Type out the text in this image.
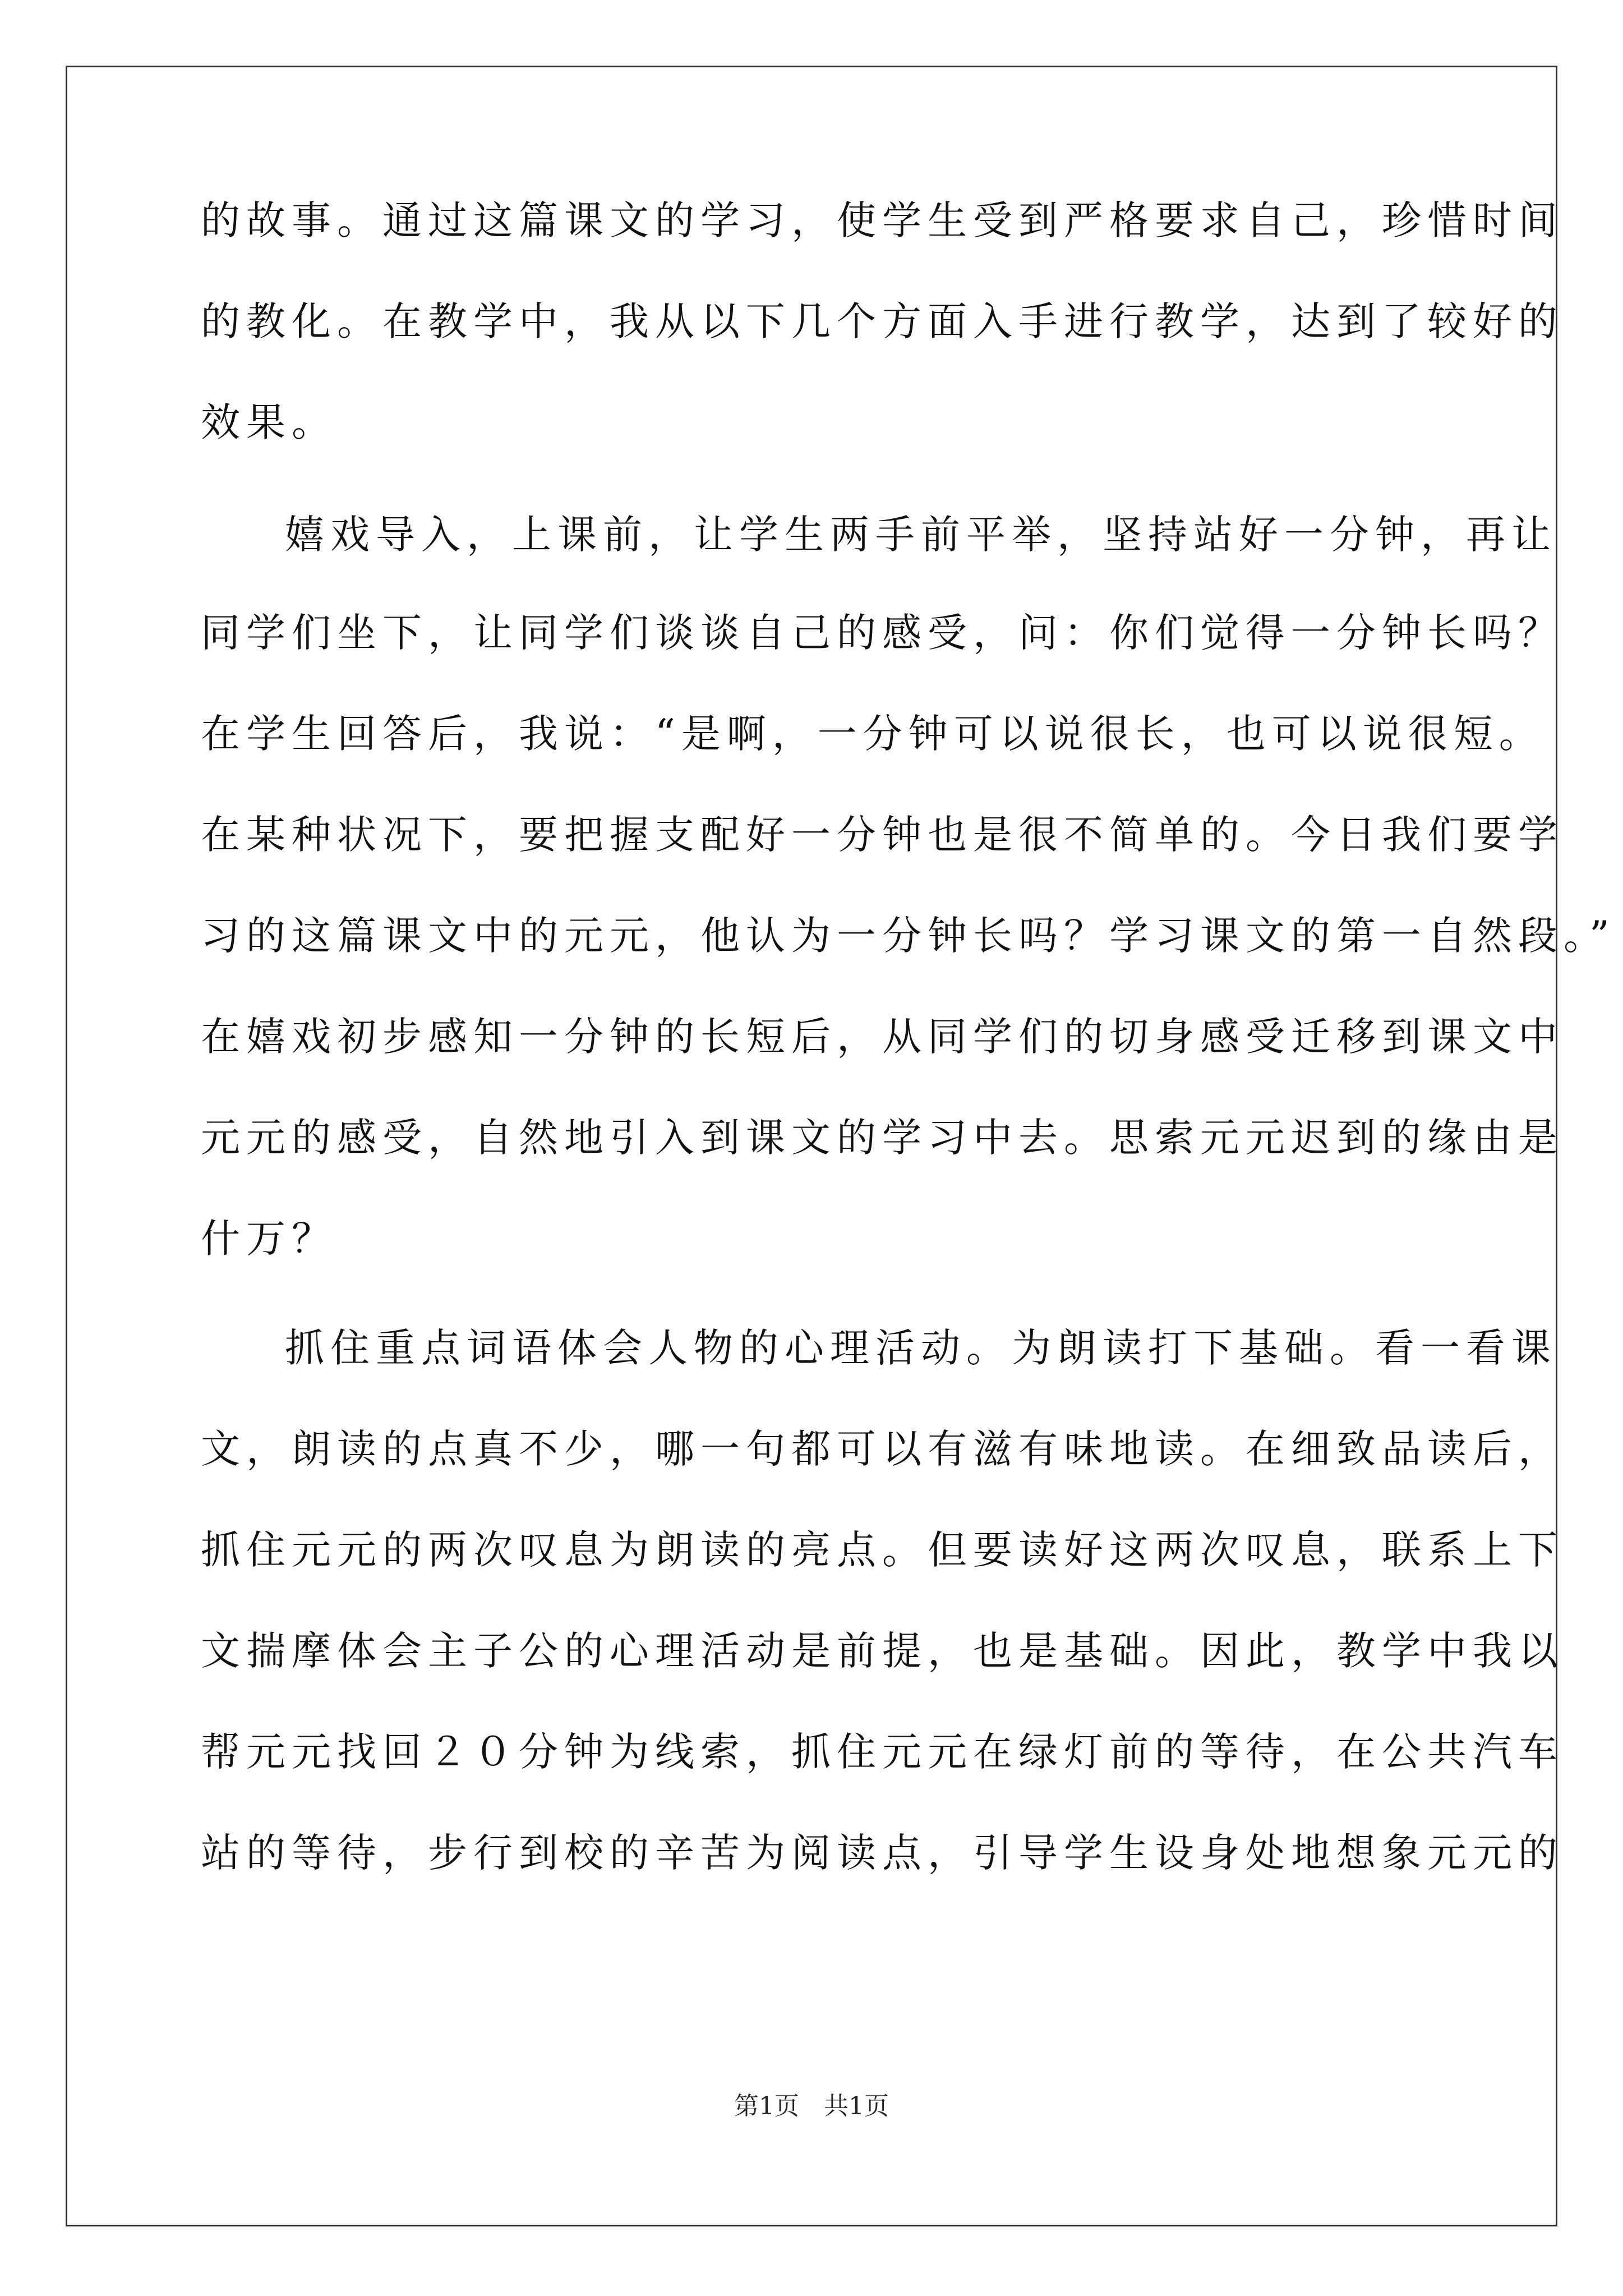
的故事。通过这篇课文的学习，使学生受到严格要求自己，珍惜时间
的教化。在教学中，我从以下几个方面入手进行教学，达到了较好的
效果。
嬉戏导入，上课前，让学生两手前平举，坚持站好一分钟，再让
同学们坐下，让同学们谈谈自己的感受，问：你们觉得一分钟长吗？
在学生回答后，我说：“是啊，一分钟可以说很长，也可以说很短。
在某种状况下，要把握支配好一分钟也是很不简单的。今日我们要学
习的这篇课文中的元元，他认为一分钟长吗？学习课文的第一自然段。”
在嬉戏初步感知一分钟的长短后，从同学们的切身感受迁移到课文中
元元的感受，自然地引入到课文的学习中去。思索元元迟到的缘由是
什万？
抓住重点词语体会人物的心理活动。为朗读打下基础。看一看课
文，朗读的点真不少，哪一句都可以有滋有味地读。在细致品读后，
抓住元元的两次叹息为朗读的亮点。但要读好这两次叹息，联系上下
文揣摩体会主子公的心理活动是前提，也是基础。因此，教学中我以
帮元元找回２０分钟为线索，抓住元元在绿灯前的等待，在公共汽车
站的等待，步行到校的辛苦为阅读点，引导学生设身处地想象元元的
第1页　共1页
